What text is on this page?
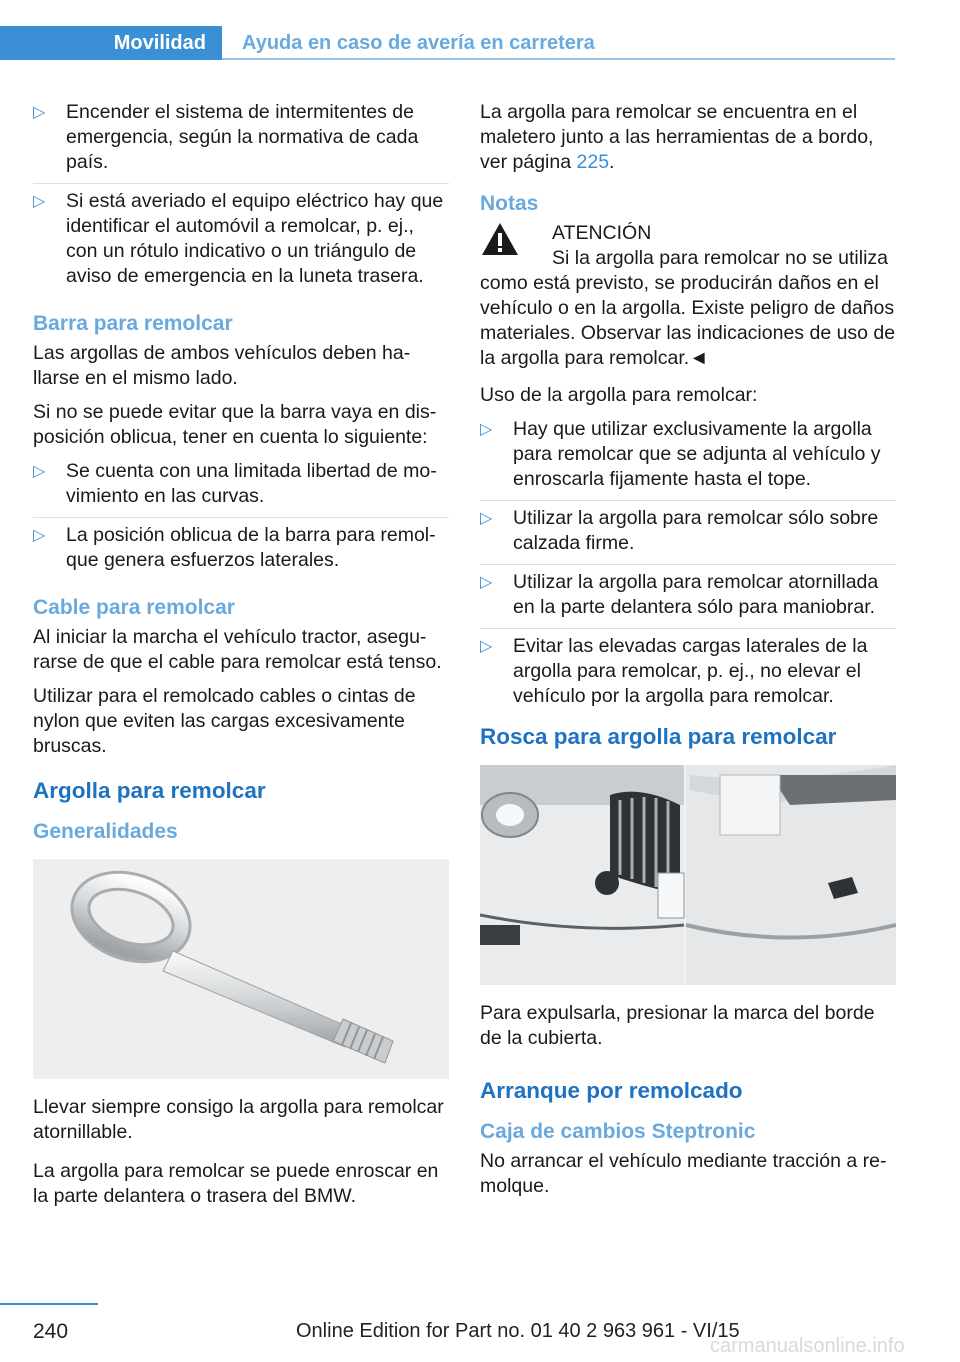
Movilidad Ayuda en caso de avería en carretera
▷ Encender el sistema de intermitentes de emergencia, según la normativa de cada país.
▷ Si está averiado el equipo eléctrico hay que identificar el automóvil a remolcar, p. ej., con un rótulo indicativo o un triángulo de aviso de emergencia en la luneta trasera.
Barra para remolcar

Las argollas de ambos vehículos deben ha-llarse en el mismo lado.

Si no se puede evitar que la barra vaya en dis-posición oblicua, tener en cuenta lo siguiente:

▷ Se cuenta con una limitada libertad de mo-vimiento en las curvas.
▷ La posición oblicua de la barra para remol-que genera esfuerzos laterales.
Cable para remolcar

Al iniciar la marcha el vehículo tractor, asegu-rarse de que el cable para remolcar está tenso.

Utilizar para el remolcado cables o cintas de nylon que eviten las cargas excesivamente bruscas.

Argolla para remolcar
Generalidades

Llevar siempre consigo la argolla para remolcar atornillable.

La argolla para remolcar se puede enroscar en la parte delantera o trasera del BMW.

La argolla para remolcar se encuentra en el maletero junto a las herramientas de a bordo, ver página 225.

Notas
ATENCIÓN

Si la argolla para remolcar no se utiliza como está previsto, se producirán daños en el vehículo o en la argolla. Existe peligro de daños materiales. Observar las indicaciones de uso de la argolla para remolcar.◄

Uso de la argolla para remolcar:

▷ Hay que utilizar exclusivamente la argolla para remolcar que se adjunta al vehículo y enroscarla fijamente hasta el tope.
▷ Utilizar la argolla para remolcar sólo sobre calzada firme.
▷ Utilizar la argolla para remolcar atornillada en la parte delantera sólo para maniobrar.
▷ Evitar las elevadas cargas laterales de la argolla para remolcar, p. ej., no elevar el vehículo por la argolla para remolcar.
Rosca para argolla para remolcar

Para expulsarla, presionar la marca del borde de la cubierta.

Arranque por remolcado
Caja de cambios Steptronic

No arrancar el vehículo mediante tracción a re-molque.

240	Online Edition for Part no. 01 40 2 963 961 - VI/15
carmanualsonline.info
